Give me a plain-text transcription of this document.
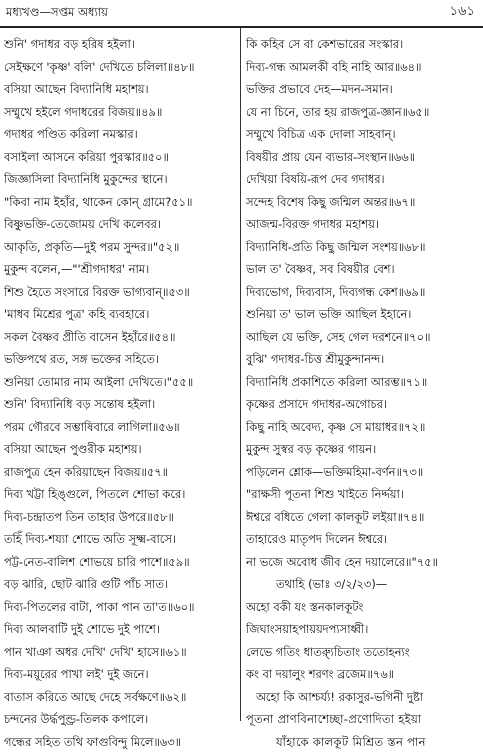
মধ্যখণ্ড—সপ্তম অধ্যায়	১৬১
শুনি' গদাধর বড় হরিষ হইলা।
সেইক্ষণে 'কৃষ্ণ' বলি' দেখিতে চলিলা॥৪৮॥
বসিয়া আছেন বিদ্যানিধি মহাশয়।
সম্মুখে হইলে গদাধরের বিজয়॥৪৯॥
গদাধর পণ্ডিত করিলা নমস্কার।
বসাইলা আসনে করিয়া পুরস্কার॥৫০॥
জিজ্ঞাসিলা বিদ্যানিধি মুকুন্দের স্থানে।
"কিবা নাম ইহাঁর, থাকেন কোন্ গ্রামে?৫১॥
বিষ্ণুভক্তি-তেজোময় দেখি কলেবর।
আকৃতি, প্রকৃতি—দুই পরম সুন্দর॥"৫২॥
মুকুন্দ বলেন,—"'শ্রীগদাধর' নাম।
শিশু হৈতে সংসারে বিরক্ত ভাগ্যবান্॥৫৩॥
'মাধব মিশ্রের পুত্র' কহি ব্যবহারে।
সকল বৈষ্ণব প্রীতি বাসেন ইহাঁরে॥৫৪॥
ভক্তিপথে রত, সঙ্গ ভক্তের সহিতে।
শুনিয়া তোমার নাম আইলা দেখিতে।"৫৫॥
শুনি' বিদ্যানিধি বড় সন্তোষ হইলা।
পরম গৌরবে সম্ভাষিবারে লাগিলা॥৫৬॥
বসিয়া আছেন পুণ্ডরীক মহাশয়।
রাজপুত্র হেন করিয়াছেন বিজয়॥৫৭॥
দিব্য খট্টা হিঙ্গুলে, পিতলে শোভা করে।
দিব্য-চন্দ্রাতপ তিন তাহার উপরে॥৫৮॥
তহিঁ দিব্য-শয্যা শোভে অতি সূক্ষ্ম-বাসে।
পট্ট-নেত-বালিশ শোভয়ে চারি পাশে॥৫৯॥
বড় ঝারি, ছোট ঝারি গুটি পাঁচ সাত।
দিব্য-পিতলের বাটা, পাকা পান তা'ত॥৬০॥
দিব্য আলবাটি দুই শোভে দুই পাশে।
পান খাঞা অধর দেখি' দেখি' হাসে॥৬১॥
দিব্য-ময়ূরের পাখা লই' দুই জনে।
বাতাস করিতে আছে দেহে সর্বক্ষণে॥৬২॥
চন্দনের উর্দ্ধপুণ্ড্র-তিলক কপালে।
গন্ধের সহিত তথি ফাগুবিন্দু মিলে॥৬৩॥
কি কহিব সে বা কেশভারের সংস্কার।
দিব্য-গন্ধ আমলকী বহি নাহি আর॥৬৪॥
ভক্তির প্রভাবে দেহ—মদন-সমান।
যে না চিনে, তার হয় রাজপুত্র-জ্ঞান॥৬৫॥
সম্মুখে বিচিত্র এক দোলা সাহবান্।
বিষয়ীর প্রায় যেন ব্যভার-সংস্থান॥৬৬॥
দেখিয়া বিষয়ি-রূপ দেব গদাধর।
সন্দেহ বিশেষ কিছু জন্মিল অন্তর॥৬৭॥
আজন্ম-বিরক্ত গদাধর মহাশয়।
বিদ্যানিধি-প্রতি কিছু জন্মিল সংশয়॥৬৮॥
ভাল ত' বৈষ্ণব, সব বিষয়ীর বেশ।
দিব্যভোগ, দিব্যবাস, দিব্যগন্ধ কেশ॥৬৯॥
শুনিয়া ত' ভাল ভক্তি আছিল ইহানে।
আছিল যে ভক্তি, সেহ গেল দরশনে॥৭০॥
বুঝি' গদাধর-চিত্ত শ্রীমুকুন্দানন্দ।
বিদ্যানিধি প্রকাশিতে করিলা আরম্ভ॥৭১॥
কৃষ্ণের প্রসাদে গদাধর-অগোচর।
কিছু নাহি অবেদ্য, কৃষ্ণ সে মায়াধর॥৭২॥
মুকুন্দ সুস্বর বড় কৃষ্ণের গায়ন।
পড়িলেন শ্লোক—ভক্তিমহিমা-বর্ণন॥৭৩॥
"রাক্ষসী পূতনা শিশু খাইতে নির্দ্দয়া।
ঈশ্বরে বধিতে গেলা কালকূট লইয়া॥৭৪॥
তাহারেও মাতৃপদ দিলেন ঈশ্বরে।
না ভজে অবোধ জীব হেন দয়ালেরে॥"৭৫॥
তথাহি (ভাঃ ৩/২/২৩)—
অহো বকী যং স্তনকালকূটং
জিঘাংসয়াহপায়য়দপ্যসাধ্বী।
লেভে গতিং ধাত্র্যুচিতাং ততোহন্যং
কং বা দয়ালুং শরণং ব্রজেম॥৭৬॥
অহো কি আশ্চর্য্য! রকাসুর-ভগিনী দুষ্টা
পূতনা প্রাণবিনাশেচ্ছা-প্রণোদিতা হইয়া
যাঁহাকে কালকূট মিশ্রিত স্তন পান
